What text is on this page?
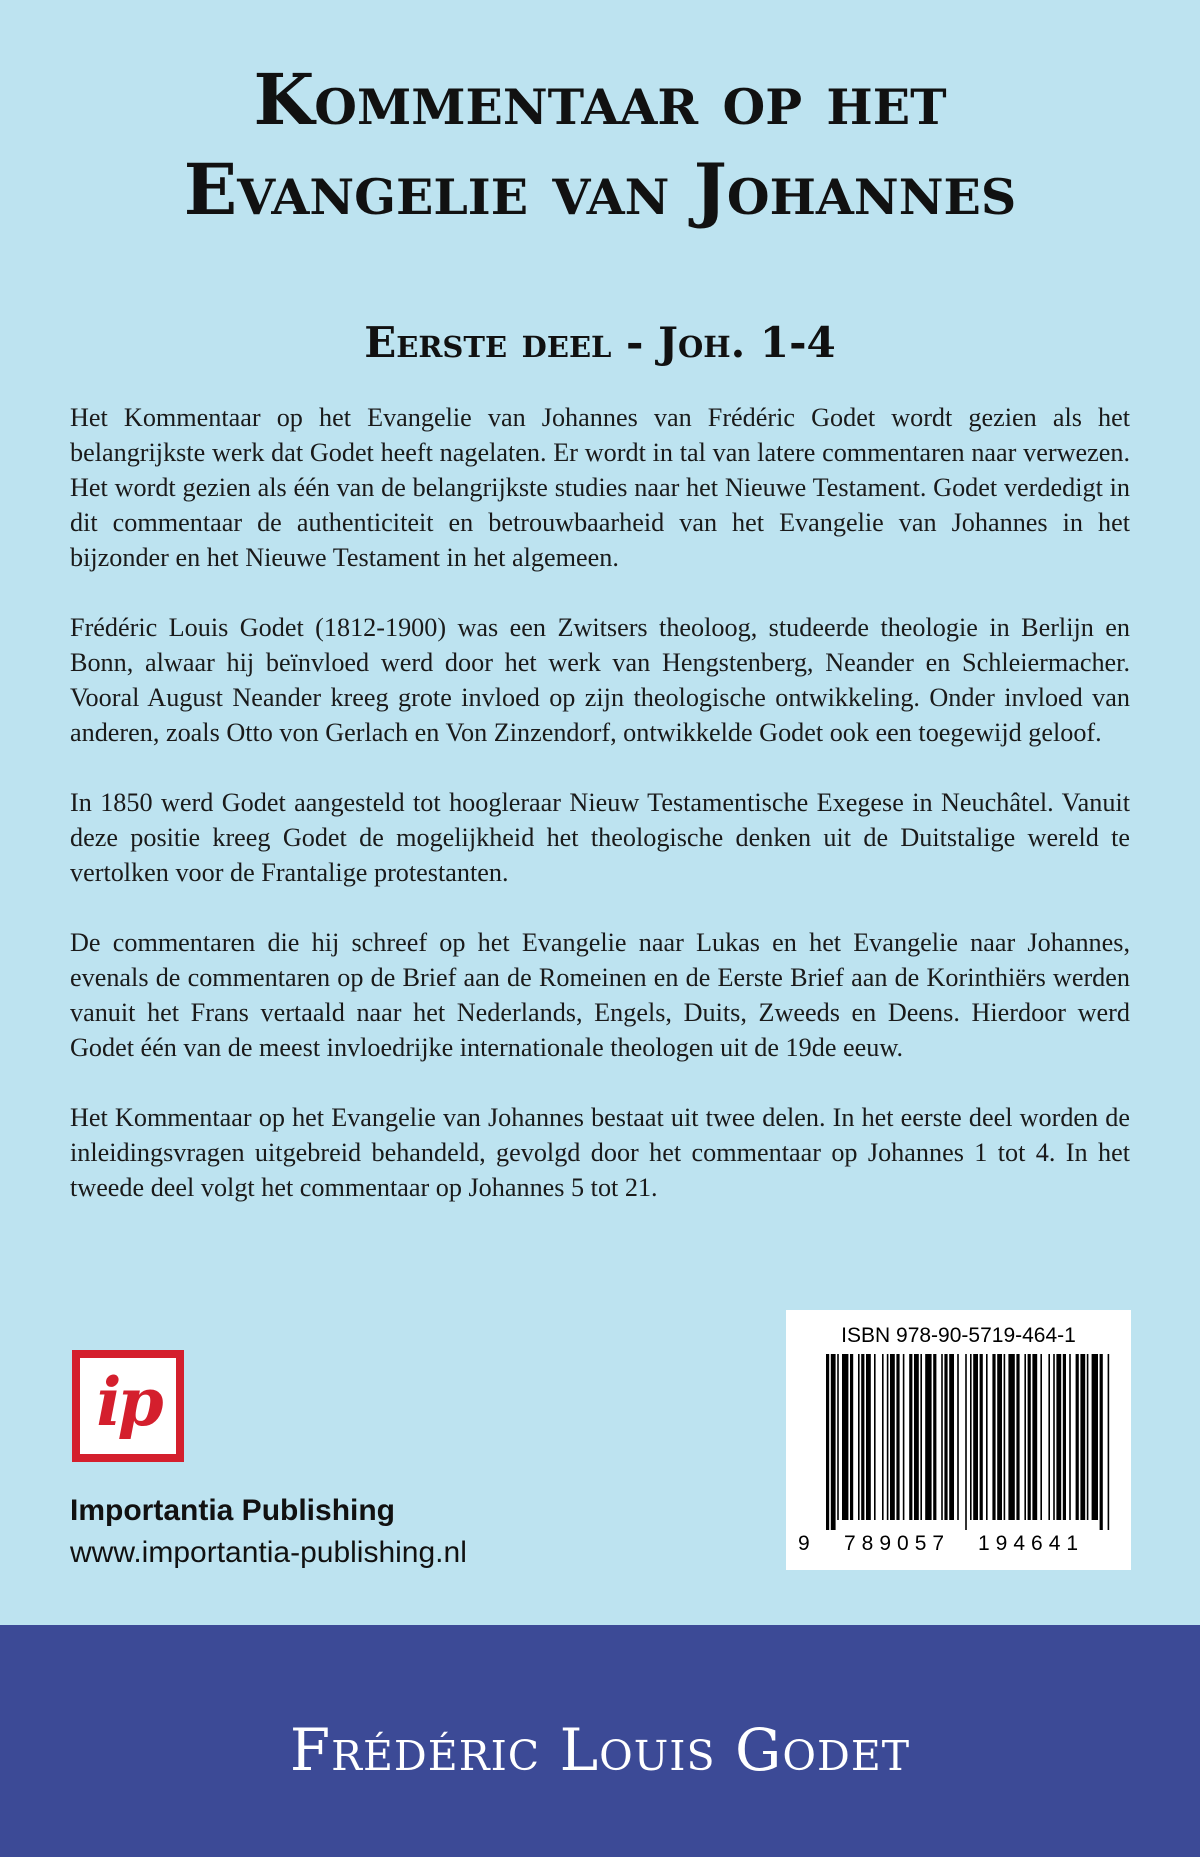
Kommentaar op het
Evangelie van Johannes
Eerste deel - Joh. 1-4

Het Kommentaar op het Evangelie van Johannes van Frédéric Godet wordt gezien als het belangrijkste werk dat Godet heeft nagelaten. Er wordt in tal van latere commentaren naar verwezen. Het wordt gezien als één van de belangrijkste studies naar het Nieuwe Testament. Godet verdedigt in dit commentaar de authenticiteit en betrouwbaarheid van het Evangelie van Johannes in het bijzonder en het Nieuwe Testament in het algemeen.

Frédéric Louis Godet (1812-1900) was een Zwitsers theoloog, studeerde theologie in Berlijn en Bonn, alwaar hij beïnvloed werd door het werk van Hengstenberg, Neander en Schleiermacher. Vooral August Neander kreeg grote invloed op zijn theologische ontwikkeling. Onder invloed van anderen, zoals Otto von Gerlach en Von Zinzendorf, ontwikkelde Godet ook een toegewijd geloof.

In 1850 werd Godet aangesteld tot hoogleraar Nieuw Testamentische Exegese in Neuchâtel. Vanuit deze positie kreeg Godet de mogelijkheid het theologische denken uit de Duitstalige wereld te vertolken voor de Frantalige protestanten.

De commentaren die hij schreef op het Evangelie naar Lukas en het Evangelie naar Johannes, evenals de commentaren op de Brief aan de Romeinen en de Eerste Brief aan de Korinthiërs werden vanuit het Frans vertaald naar het Nederlands, Engels, Duits, Zweeds en Deens. Hierdoor werd Godet één van de meest invloedrijke internationale theologen uit de 19de eeuw.

Het Kommentaar op het Evangelie van Johannes bestaat uit twee delen. In het eerste deel worden de inleidingsvragen uitgebreid behandeld, gevolgd door het commentaar op Johannes 1 tot 4. In het tweede deel volgt het commentaar op Johannes 5 tot 21.

ip
Importantia Publishing
www.importantia-publishing.nl
ISBN 978-90-5719-464-1
9 789057 194641
Frédéric Louis Godet
